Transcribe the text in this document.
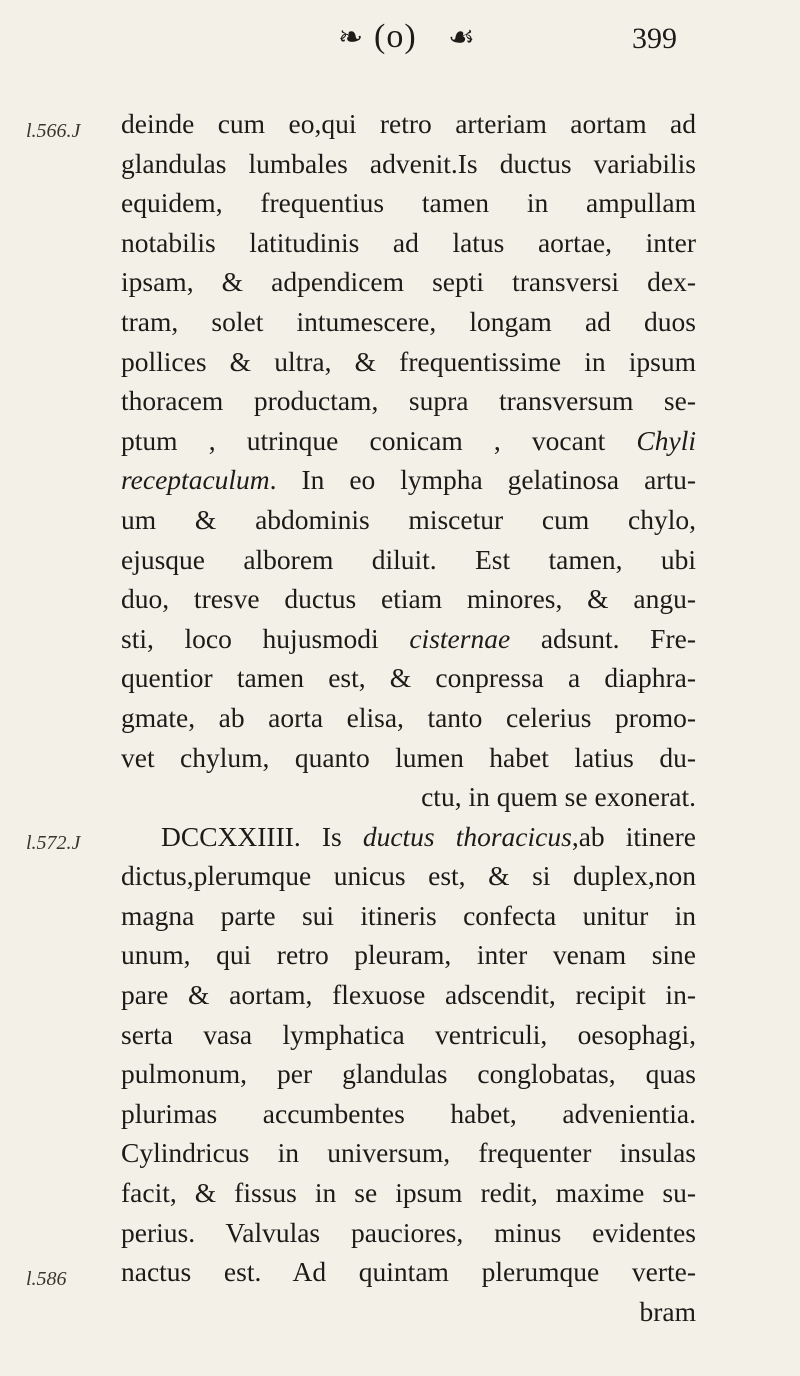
❧ (o) ☙	399
l.566.J
l.572.J
l.586
deinde cum eo,qui retro arteriam aortam ad
glandulas lumbales advenit.Is ductus variabilis
equidem, frequentius tamen in ampullam
notabilis latitudinis ad latus aortae, inter
ipsam, & adpendicem septi transversi dex-
tram, solet intumescere, longam ad duos
pollices & ultra, & frequentissime in ipsum
thoracem productam, supra transversum se-
ptum , utrinque conicam , vocant Chyli
receptaculum. In eo lympha gelatinosa artu-
um & abdominis miscetur cum chylo,
ejusque alborem diluit. Est tamen, ubi
duo, tresve ductus etiam minores, & angu-
sti, loco hujusmodi cisternae adsunt. Fre-
quentior tamen est, & conpressa a diaphra-
gmate, ab aorta elisa, tanto celerius promo-
vet chylum, quanto lumen habet latius du-
ctu, in quem se exonerat.
DCCXXIIII. Is ductus thoracicus,ab itinere
dictus,plerumque unicus est, & si duplex,non
magna parte sui itineris confecta unitur in
unum, qui retro pleuram, inter venam sine
pare & aortam, flexuose adscendit, recipit in-
serta vasa lymphatica ventriculi, oesophagi,
pulmonum, per glandulas conglobatas, quas
plurimas accumbentes habet, advenientia.
Cylindricus in universum, frequenter insulas
facit, & fissus in se ipsum redit, maxime su-
perius. Valvulas pauciores, minus evidentes
nactus est. Ad quintam plerumque verte-
bram
